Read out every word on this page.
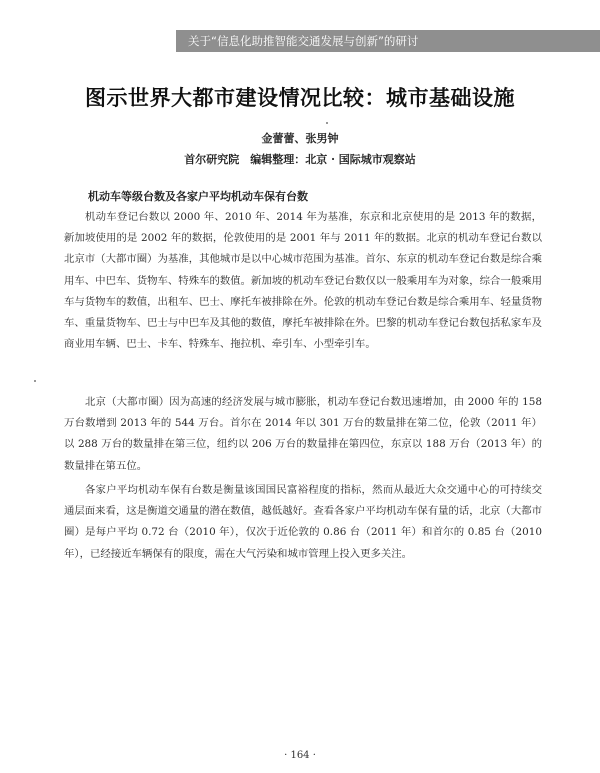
关于“信息化助推智能交通发展与创新”的研讨
图示世界大都市建设情况比较：城市基础设施
金蕾蕾、张男钟
首尔研究院　编辑整理：北京 · 国际城市观察站
机动车等级台数及各家户平均机动车保有台数

机动车登记台数以 2000 年、2010 年、2014 年为基准，东京和北京使用的是 2013 年的数据，新加坡使用的是 2002 年的数据，伦敦使用的是 2001 年与 2011 年的数据。北京的机动车登记台数以北京市（大都市圈）为基准，其他城市是以中心城市范围为基准。首尔、东京的机动车登记台数是综合乘用车、中巴车、货物车、特殊车的数值。新加坡的机动车登记台数仅以一般乘用车为对象，综合一般乘用车与货物车的数值，出租车、巴士、摩托车被排除在外。伦敦的机动车登记台数是综合乘用车、轻量货物车、重量货物车、巴士与中巴车及其他的数值，摩托车被排除在外。巴黎的机动车登记台数包括私家车及商业用车辆、巴士、卡车、特殊车、拖拉机、牵引车、小型牵引车。

北京（大都市圈）因为高速的经济发展与城市膨胀，机动车登记台数迅速增加，由 2000 年的 158 万台数增到 2013 年的 544 万台。首尔在 2014 年以 301 万台的数量排在第二位，伦敦（2011 年）以 288 万台的数量排在第三位，纽约以 206 万台的数量排在第四位，东京以 188 万台（2013 年）的数量排在第五位。

各家户平均机动车保有台数是衡量该国国民富裕程度的指标，然而从最近大众交通中心的可持续交通层面来看，这是衡道交通量的潜在数值，越低越好。查看各家户平均机动车保有量的话，北京（大都市圈）是每户平均 0.72 台（2010 年），仅次于近伦敦的 0.86 台（2011 年）和首尔的 0.85 台（2010 年），已经接近车辆保有的限度，需在大气污染和城市管理上投入更多关注。

· 164 ·
